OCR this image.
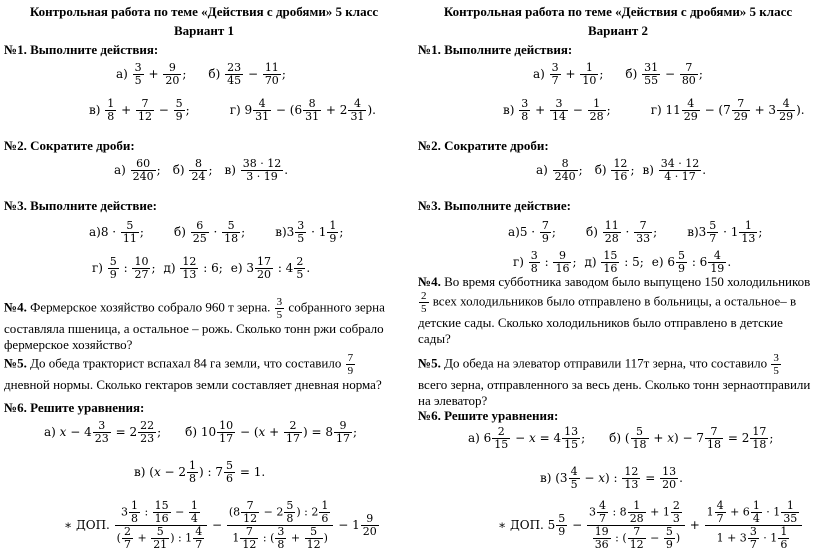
Контрольная работа по теме «Действия с дробями» 5 класс
Вариант 1
№1. Выполните действия:
$а) \frac{3}{5} + \frac{9}{20}$ ; $б) \frac{23}{45} - \frac{11}{70}$ ;
$в) \frac{1}{8} + \frac{7}{12} - \frac{5}{9}$ ;	г) $9 \frac{4}{31} - (6 \frac{8}{31} + 2 \frac{4}{31}$ ).
№2. Сократите дроби:
$а) \frac{60}{240}$ ; $б) \frac{8}{24}$ ; $в) \frac{38 \cdot 12}{3 \cdot 19}$ .
№3. Выполните действие:
$а)8 \cdot \frac{5}{11}$ ;	$б) \frac{6}{25} \cdot \frac{5}{18}$ ;	$в)3 \frac{3}{5} \cdot 1 \frac{1}{9}$ ;
$г) \frac{5}{9}$ : $\frac{10}{27}$ ; $д) \frac{12}{13}$ : 6; е) $3 \frac{17}{20}$ : $4 \frac{2}{5}$ .
№4. Фермерское хозяйство собрало 960 т зерна. $\frac{3}{5}$ собранного зерна составляла пшеница, а остальное – рожь. Сколько тонн ржи собрало фермерское хозяйство?
№5. До обеда тракторист вспахал 84 га земли, что составило $\frac{7}{9}$
дневной нормы. Сколько гектаров земли составляет дневная норма?
№6. Решите уравнения:
а) $x - 4 \frac{3}{23} = 2 \frac{22}{23}$ ; б) $10 \frac{10}{17} - (x + \frac{2}{17}$ ) = $8 \frac{9}{17}$ ;
в) ($x - 2 \frac{1}{8}$ ) : $7 \frac{5}{6} = 1$.
∗ ДОП. $\frac{3 \frac{1}{8} : \frac{15}{16} - \frac{1}{4}}{( \frac{2}{7} + \frac{5}{21} ) : 1 \frac{4}{7}} - \frac{(8 \frac{7}{12} - 2 \frac{5}{8} ) : 2 \frac{1}{6}}{1 \frac{7}{12} : ( \frac{3}{8} + \frac{5}{12} )} - 1 \frac{9}{20}$
Контрольная работа по теме «Действия с дробями» 5 класс
Вариант 2
№1. Выполните действия:
$а) \frac{3}{7} + \frac{1}{10}$ ; $б) \frac{31}{55} - \frac{7}{80}$ ;
$в) \frac{3}{8} + \frac{3}{14} - \frac{1}{28}$ ;	г) $11 \frac{4}{29} - (7 \frac{7}{29} + 3 \frac{4}{29}$ ).
№2. Сократите дроби:
$а) \frac{8}{240}$ ; $б) \frac{12}{16}$ ; $в) \frac{34 \cdot 12}{4 \cdot 17}$ .
№3. Выполните действие:
$а)5 \cdot \frac{7}{9}$ ;	$б) \frac{11}{28} \cdot \frac{7}{33}$ ;	$в)3 \frac{5}{7} \cdot 1 \frac{1}{13}$ ;
$г) \frac{3}{8}$ : $\frac{9}{16}$ ; $д) \frac{15}{16}$ : 5; е) $6 \frac{5}{9}$ : $6 \frac{4}{19}$ .
№4. Во время субботника заводом было выпущено 150 холодильников
$\frac{2}{5}$ всех холодильников было отправлено в больницы, а остальное– в детские сады. Сколько холодильников было отправлено в детские сады?
№5. До обеда на элеватор отправили 117т зерна, что составило $\frac{3}{5}$
всего зерна, отправленного за весь день. Сколько тонн зернаотправили на элеватор?
№6. Решите уравнения:
а) $6 \frac{2}{15} - x = 4 \frac{13}{15}$ ; б) ( $\frac{5}{18} + x) - 7 \frac{7}{18} = 2 \frac{17}{18}$ ;
в) $(3 \frac{4}{5} - x)$ : $\frac{12}{13} = \frac{13}{20}$ .
∗ ДОП. $5 \frac{5}{9} - \frac{3 \frac{4}{7} : 8 \frac{1}{28} + 1 \frac{2}{3}}{\frac{19}{36} : ( \frac{7}{12} - \frac{5}{9} )} + \frac{1 \frac{4}{7} + 6 \frac{1}{4} \cdot 1 \frac{1}{35}}{1 + 3 \frac{3}{7} \cdot 1 \frac{1}{6}}$
